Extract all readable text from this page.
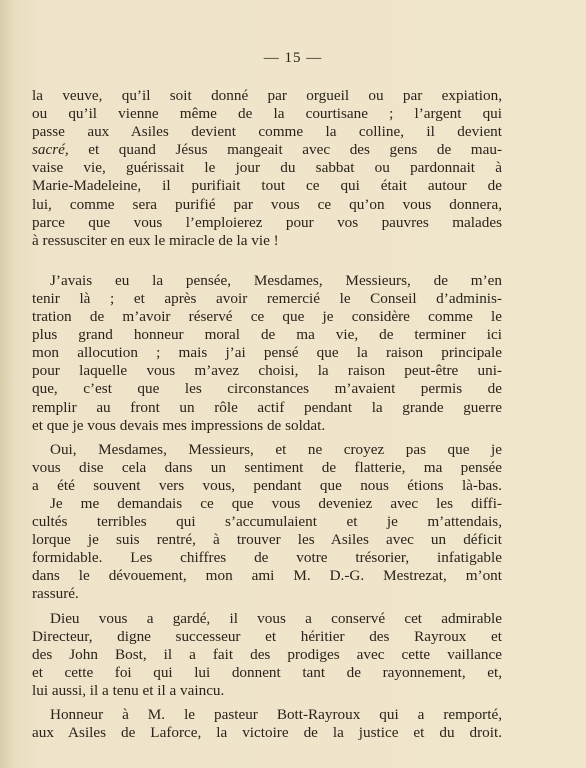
— 15 —
la veuve, qu’il soit donné par orgueil ou par expiation,
ou qu’il vienne même de la courtisane ; l’argent qui
passe aux Asiles devient comme la colline, il devient
sacré, et quand Jésus mangeait avec des gens de mau-
vaise vie, guérissait le jour du sabbat ou pardonnait à
Marie-Madeleine, il purifiait tout ce qui était autour de
lui, comme sera purifié par vous ce qu’on vous donnera,
parce que vous l’emploierez pour vos pauvres malades
à ressusciter en eux le miracle de la vie !
J’avais eu la pensée, Mesdames, Messieurs, de m’en
tenir là ; et après avoir remercié le Conseil d’adminis-
tration de m’avoir réservé ce que je considère comme le
plus grand honneur moral de ma vie, de terminer ici
mon allocution ; mais j’ai pensé que la raison principale
pour laquelle vous m’avez choisi, la raison peut-être uni-
que, c’est que les circonstances m’avaient permis de
remplir au front un rôle actif pendant la grande guerre
et que je vous devais mes impressions de soldat.
Oui, Mesdames, Messieurs, et ne croyez pas que je
vous dise cela dans un sentiment de flatterie, ma pensée
a été souvent vers vous, pendant que nous étions là-bas.
Je me demandais ce que vous deveniez avec les diffi-
cultés terribles qui s’accumulaient et je m’attendais,
lorque je suis rentré, à trouver les Asiles avec un déficit
formidable. Les chiffres de votre trésorier, infatigable
dans le dévouement, mon ami M. D.-G. Mestrezat, m’ont
rassuré.
Dieu vous a gardé, il vous a conservé cet admirable
Directeur, digne successeur et héritier des Rayroux et
des John Bost, il a fait des prodiges avec cette vaillance
et cette foi qui lui donnent tant de rayonnement, et,
lui aussi, il a tenu et il a vaincu.
Honneur à M. le pasteur Bott-Rayroux qui a remporté,
aux Asiles de Laforce, la victoire de la justice et du droit.
